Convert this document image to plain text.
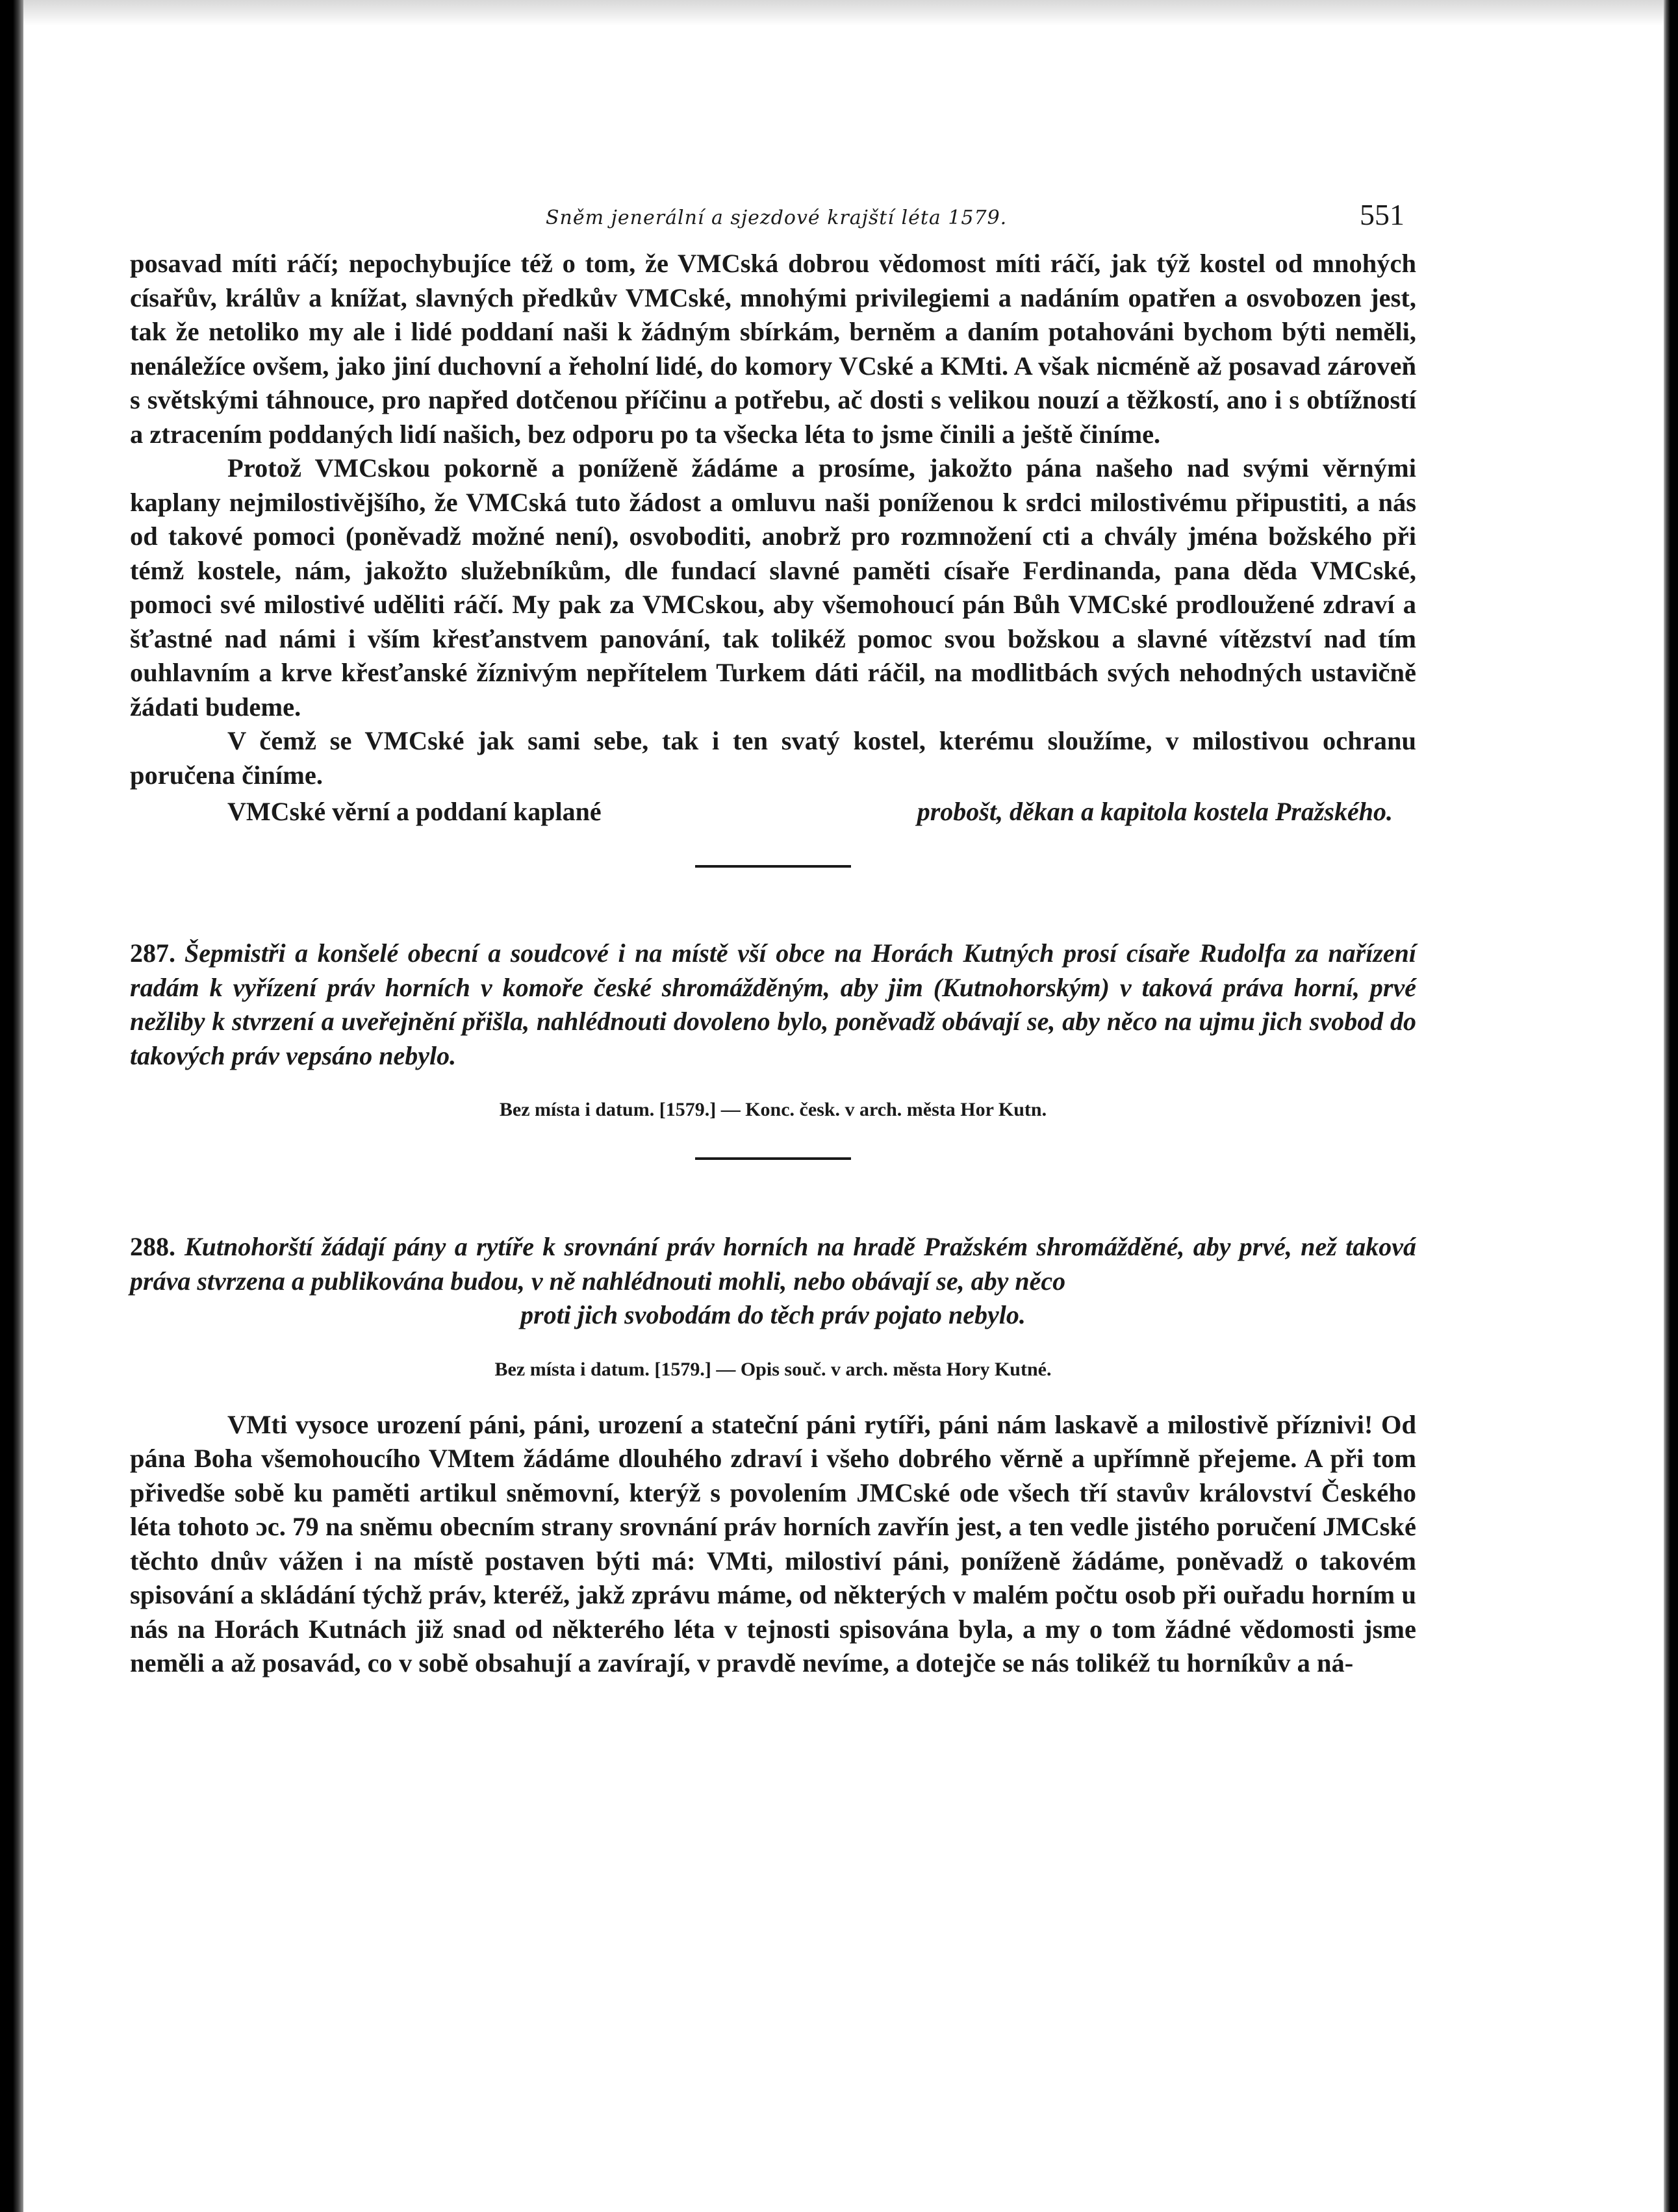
Sněm jenerální a sjezdové krajští léta 1579.	551

posavad míti ráčí; nepochybujíce též o tom, že VMCská dobrou vědomost míti ráčí, jak týž kostel od mnohých císařův, králův a knížat, slavných předkův VMCské, mnohými privilegiemi a nadáním opatřen a osvobozen jest, tak že netoliko my ale i lidé poddaní naši k žádným sbírkám, berněm a daním potahováni bychom býti neměli, nenáležíce ovšem, jako jiní duchovní a řeholní lidé, do komory VCské a KMti. A však nicméně až posavad zároveň s světskými táhnouce, pro napřed dotčenou příčinu a potřebu, ač dosti s velikou nouzí a těžkostí, ano i s obtížností a ztracením poddaných lidí našich, bez odporu po ta všecka léta to jsme činili a ještě činíme.

Protož VMCskou pokorně a poníženě žádáme a prosíme, jakožto pána našeho nad svými věrnými kaplany nejmilostivějšího, že VMCská tuto žádost a omluvu naši poníženou k srdci milostivému připustiti, a nás od takové pomoci (poněvadž možné není), osvoboditi, anobrž pro rozmnožení cti a chvály jména božského při témž kostele, nám, jakožto služebníkům, dle fundací slavné paměti císaře Ferdinanda, pana děda VMCské, pomoci své milostivé uděliti ráčí. My pak za VMCskou, aby všemohoucí pán Bůh VMCské prodloužené zdraví a šťastné nad námi i vším křesťanstvem panování, tak tolikéž pomoc svou božskou a slavné vítězství nad tím ouhlavním a krve křesťanské žíznivým nepřítelem Turkem dáti ráčil, na modlitbách svých nehodných ustavičně žádati budeme.

V čemž se VMCské jak sami sebe, tak i ten svatý kostel, kterému sloužíme, v milostivou ochranu poručena činíme.

VMCské věrní a poddaní kaplané	probošt, děkan a kapitola kostela Pražského.
287. Šepmistři a konšelé obecní a soudcové i na místě vší obce na Horách Kutných prosí císaře Rudolfa za nařízení radám k vyřízení práv horních v komoře české shromážděným, aby jim (Kutnohorským) v taková práva horní, prvé nežliby k stvrzení a uveřejnění přišla, nahlédnouti dovoleno bylo, poněvadž obávají se, aby něco na ujmu jich svobod do takových práv vepsáno nebylo.
Bez místa i datum. [1579.] — Konc. česk. v arch. města Hor Kutn.
288. Kutnohorští žádají pány a rytíře k srovnání práv horních na hradě Pražském shromážděné, aby prvé, než taková práva stvrzena a publikována budou, v ně nahlédnouti mohli, nebo obávají se, aby něco
proti jich svobodám do těch práv pojato nebylo.
Bez místa i datum. [1579.] — Opis souč. v arch. města Hory Kutné.

VMti vysoce urození páni, páni, urození a stateční páni rytíři, páni nám laskavě a milostivě příznivi! Od pána Boha všemohoucího VMtem žádáme dlouhého zdraví i všeho dobrého věrně a upřímně přejeme. A při tom přivedše sobě ku paměti artikul sněmovní, kterýž s povolením JMCské ode všech tří stavův království Českého léta tohoto ɔc. 79 na sněmu obecním strany srovnání práv horních zavřín jest, a ten vedle jistého poručení JMCské těchto dnův vážen i na místě postaven býti má: VMti, milostiví páni, poníženě žádáme, poněvadž o takovém spisování a skládání týchž práv, kteréž, jakž zprávu máme, od některých v malém počtu osob při ouřadu horním u nás na Horách Kutnách již snad od některého léta v tejnosti spisována byla, a my o tom žádné vědomosti jsme neměli a až posavád, co v sobě obsahují a zavírají, v pravdě nevíme, a dotejče se nás tolikéž tu horníkův a ná-
